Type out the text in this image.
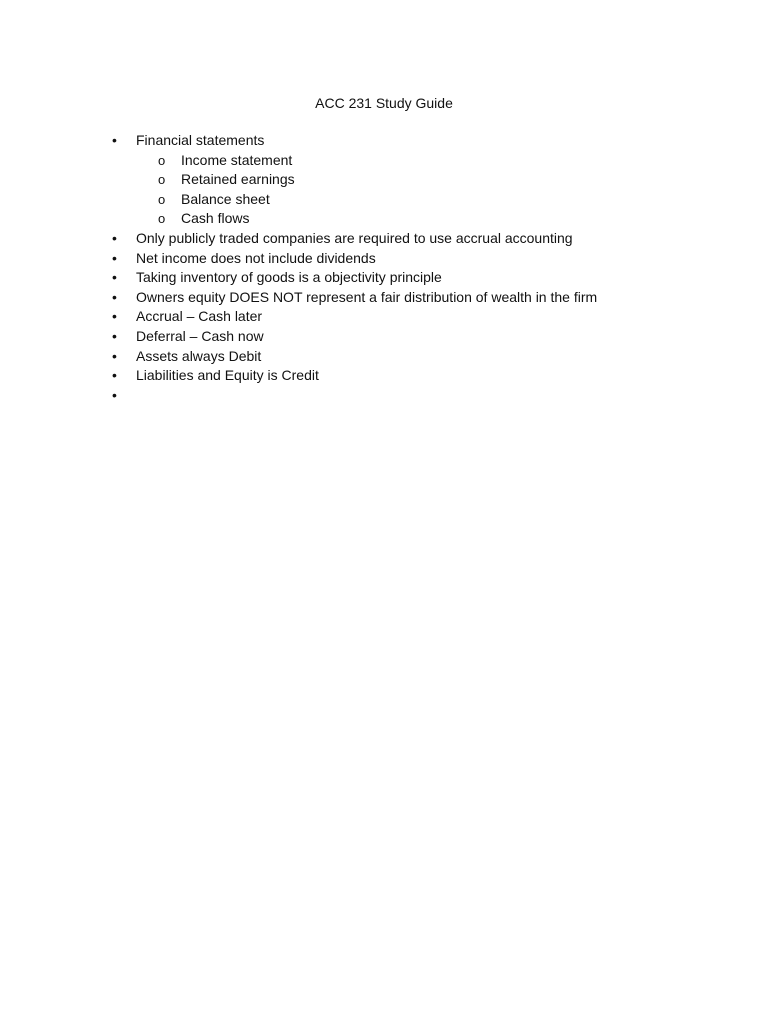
ACC 231 Study Guide
• Financial statements
o Income statement
o Retained earnings
o Balance sheet
o Cash flows
• Only publicly traded companies are required to use accrual accounting
• Net income does not include dividends
• Taking inventory of goods is a objectivity principle
• Owners equity DOES NOT represent a fair distribution of wealth in the firm
• Accrual – Cash later
• Deferral – Cash now
• Assets always Debit
• Liabilities and Equity is Credit
•
